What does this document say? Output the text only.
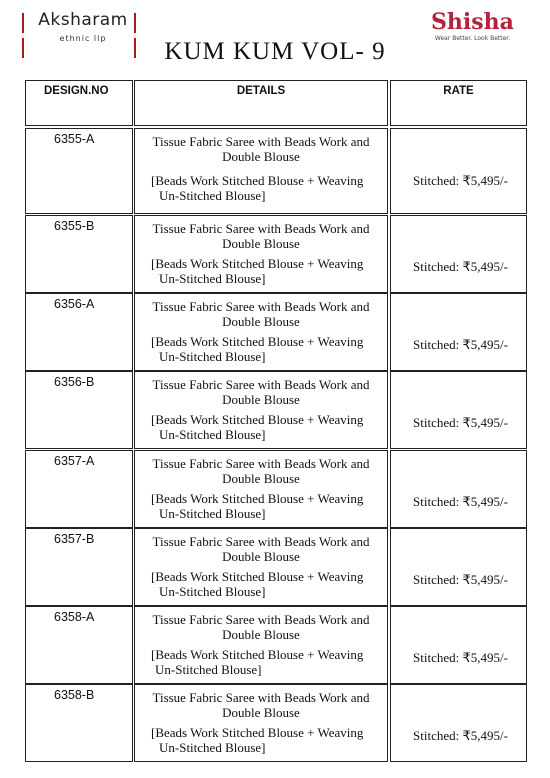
Aksharam
ethnic llp
Shisha
Wear Better. Look Better.
KUM KUM VOL- 9
DESIGN.NO	DETAILS	RATE
6355-A	Tissue Fabric Saree with Beads Work and
Double Blouse
[Beads Work Stitched Blouse + Weaving
Un-Stitched Blouse]
Stitched: ₹5,495/-
6355-B	Tissue Fabric Saree with Beads Work and
Double Blouse
[Beads Work Stitched Blouse + Weaving
Un-Stitched Blouse]
Stitched: ₹5,495/-
6356-A	Tissue Fabric Saree with Beads Work and
Double Blouse
[Beads Work Stitched Blouse + Weaving
Un-Stitched Blouse]
Stitched: ₹5,495/-
6356-B	Tissue Fabric Saree with Beads Work and
Double Blouse
[Beads Work Stitched Blouse + Weaving
Un-Stitched Blouse]
Stitched: ₹5,495/-
6357-A	Tissue Fabric Saree with Beads Work and
Double Blouse
[Beads Work Stitched Blouse + Weaving
Un-Stitched Blouse]
Stitched: ₹5,495/-
6357-B	Tissue Fabric Saree with Beads Work and
Double Blouse
[Beads Work Stitched Blouse + Weaving
Un-Stitched Blouse]
Stitched: ₹5,495/-
6358-A	Tissue Fabric Saree with Beads Work and
Double Blouse
[Beads Work Stitched Blouse + Weaving
Un-Stitched Blouse]
Stitched: ₹5,495/-
6358-B	Tissue Fabric Saree with Beads Work and
Double Blouse
[Beads Work Stitched Blouse + Weaving
Un-Stitched Blouse]
Stitched: ₹5,495/-
